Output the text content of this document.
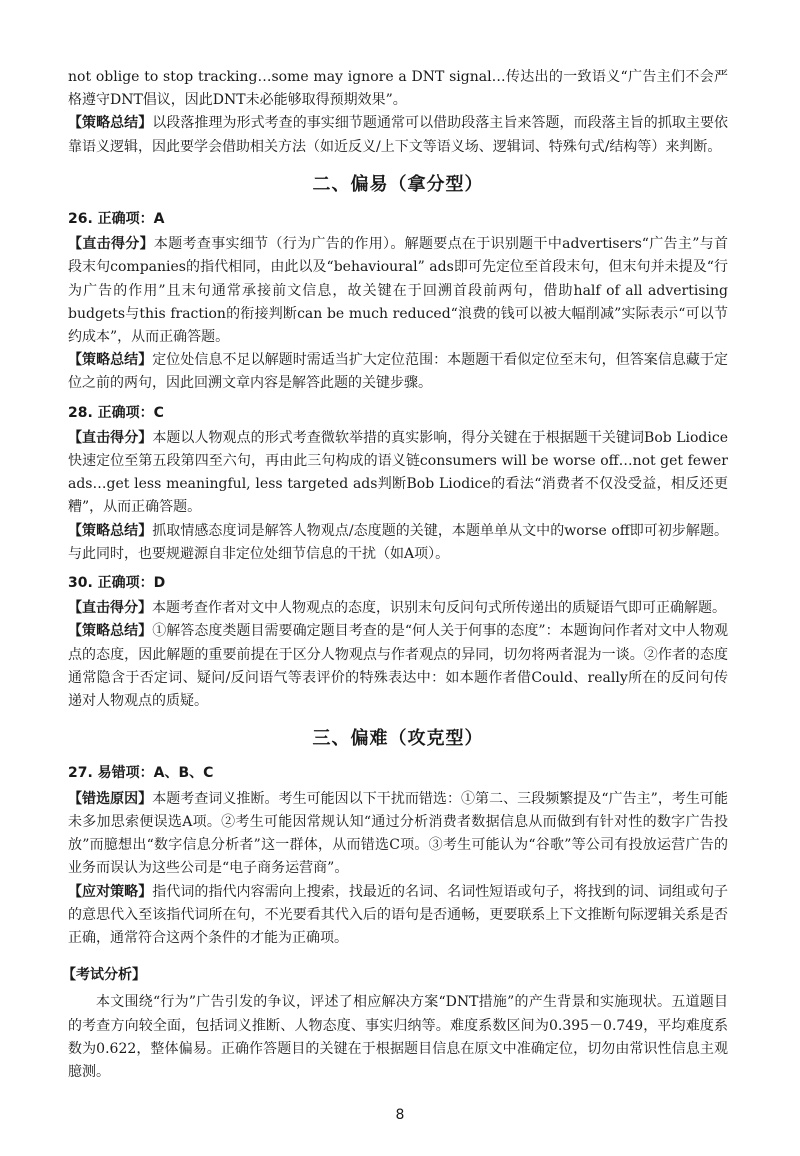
not oblige to stop tracking…some may ignore a DNT signal…传达出的一致语义“广告主们不会严格遵守DNT倡议，因此DNT未必能够取得预期效果”。

【策略总结】以段落推理为形式考查的事实细节题通常可以借助段落主旨来答题，而段落主旨的抓取主要依靠语义逻辑，因此要学会借助相关方法（如近反义/上下文等语义场、逻辑词、特殊句式/结构等）来判断。

二、偏易（拿分型）
26. 正确项：A

【直击得分】本题考查事实细节（行为广告的作用）。解题要点在于识别题干中advertisers“广告主”与首段末句companies的指代相同，由此以及“behavioural” ads即可先定位至首段末句，但末句并未提及“行为广告的作用”且末句通常承接前文信息，故关键在于回溯首段前两句，借助half of all advertising budgets与this fraction的衔接判断can be much reduced“浪费的钱可以被大幅削减”实际表示“可以节约成本”，从而正确答题。

【策略总结】定位处信息不足以解题时需适当扩大定位范围：本题题干看似定位至末句，但答案信息藏于定位之前的两句，因此回溯文章内容是解答此题的关键步骤。

28. 正确项：C

【直击得分】本题以人物观点的形式考查微软举措的真实影响，得分关键在于根据题干关键词Bob Liodice快速定位至第五段第四至六句，再由此三句构成的语义链consumers will be worse off…not get fewer ads…get less meaningful, less targeted ads判断Bob Liodice的看法“消费者不仅没受益，相反还更糟”，从而正确答题。

【策略总结】抓取情感态度词是解答人物观点/态度题的关键，本题单单从文中的worse off即可初步解题。与此同时，也要规避源自非定位处细节信息的干扰（如A项）。

30. 正确项：D

【直击得分】本题考查作者对文中人物观点的态度，识别末句反问句式所传递出的质疑语气即可正确解题。

【策略总结】①解答态度类题目需要确定题目考查的是“何人关于何事的态度”：本题询问作者对文中人物观点的态度，因此解题的重要前提在于区分人物观点与作者观点的异同，切勿将两者混为一谈。②作者的态度通常隐含于否定词、疑问/反问语气等表评价的特殊表达中：如本题作者借Could、really所在的反问句传递对人物观点的质疑。

三、偏难（攻克型）
27. 易错项：A、B、C

【错选原因】本题考查词义推断。考生可能因以下干扰而错选：①第二、三段频繁提及“广告主”，考生可能未多加思索便误选A项。②考生可能因常规认知“通过分析消费者数据信息从而做到有针对性的数字广告投放”而臆想出“数字信息分析者”这一群体，从而错选C项。③考生可能认为“谷歌”等公司有投放运营广告的业务而误认为这些公司是“电子商务运营商”。

【应对策略】指代词的指代内容需向上搜索，找最近的名词、名词性短语或句子，将找到的词、词组或句子的意思代入至该指代词所在句，不光要看其代入后的语句是否通畅，更要联系上下文推断句际逻辑关系是否正确，通常符合这两个条件的才能为正确项。

【考试分析】

本文围绕“行为”广告引发的争议，评述了相应解决方案“DNT措施”的产生背景和实施现状。五道题目的考查方向较全面，包括词义推断、人物态度、事实归纳等。难度系数区间为0.395－0.749，平均难度系数为0.622，整体偏易。正确作答题目的关键在于根据题目信息在原文中准确定位，切勿由常识性信息主观臆测。

8
